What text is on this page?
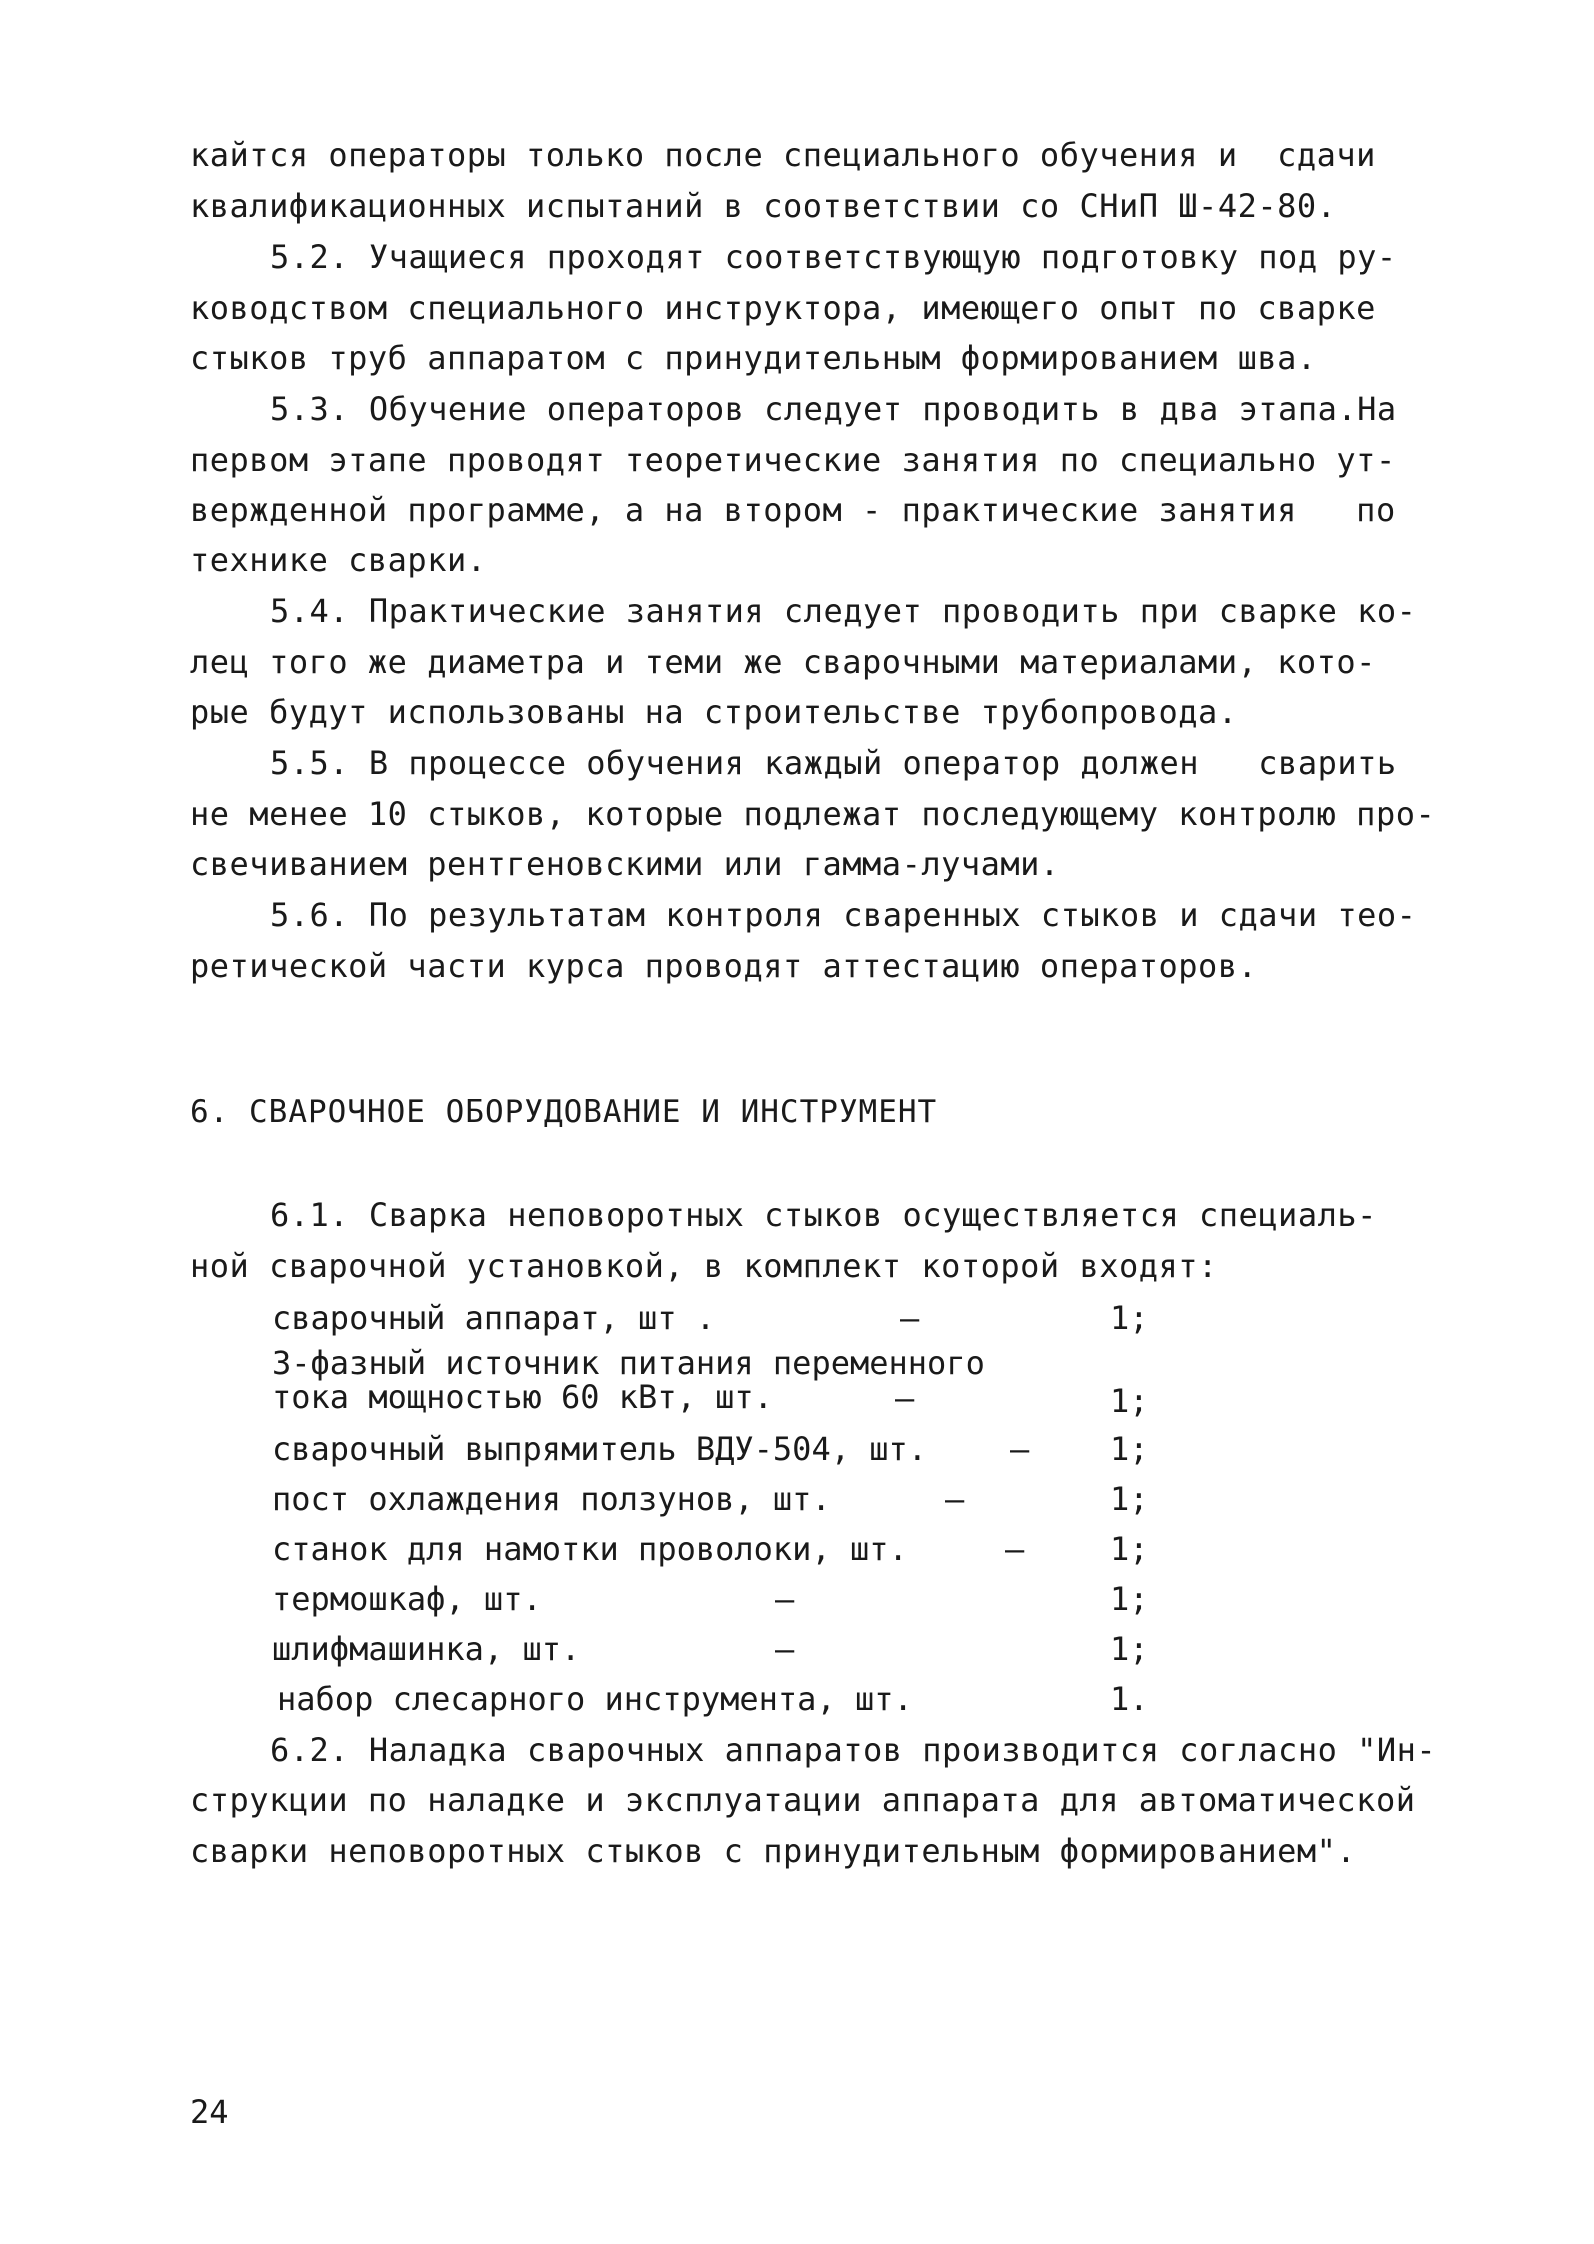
кайтся операторы только после специального обучения и  сдачи
квалификационных испытаний в соответствии со СНиП Ш-42-80.
5.2. Учащиеся проходят соответствующую подготовку под ру-
ководством специального инструктора, имеющего опыт по сварке
стыков труб аппаратом с принудительным формированием шва.
5.3. Обучение операторов следует проводить в два этапа.На
первом этапе проводят теоретические занятия по специально ут-
вержденной программе, а на втором - практические занятия   по
технике сварки.
5.4. Практические занятия следует проводить при сварке ко-
лец того же диаметра и теми же сварочными материалами, кото-
рые будут использованы на строительстве трубопровода.
5.5. В процессе обучения каждый оператор должен   сварить
не менее 10 стыков, которые подлежат последующему контролю про-
свечиванием рентгеновскими или гамма-лучами.
5.6. По результатам контроля сваренных стыков и сдачи тео-
ретической части курса проводят аттестацию операторов.
6. СВАРОЧНОЕ ОБОРУДОВАНИЕ И ИНСТРУМЕНТ
6.1. Сварка неповоротных стыков осуществляется специаль-
ной сварочной установкой, в комплект которой входят:
сварочный аппарат, шт .	–	1;
3-фазный источник питания переменного
тока мощностью 60 кВт, шт.	–	1;
сварочный выпрямитель ВДУ-504, шт.	–	1;
пост охлаждения ползунов, шт.	–	1;
станок для намотки проволоки, шт.	–	1;
термошкаф, шт.	–	1;
шлифмашинка, шт.	–	1;
набор слесарного инструмента, шт.	1.
6.2. Наладка сварочных аппаратов производится согласно "Ин-
струкции по наладке и эксплуатации аппарата для автоматической
сварки неповоротных стыков с принудительным формированием".
24
